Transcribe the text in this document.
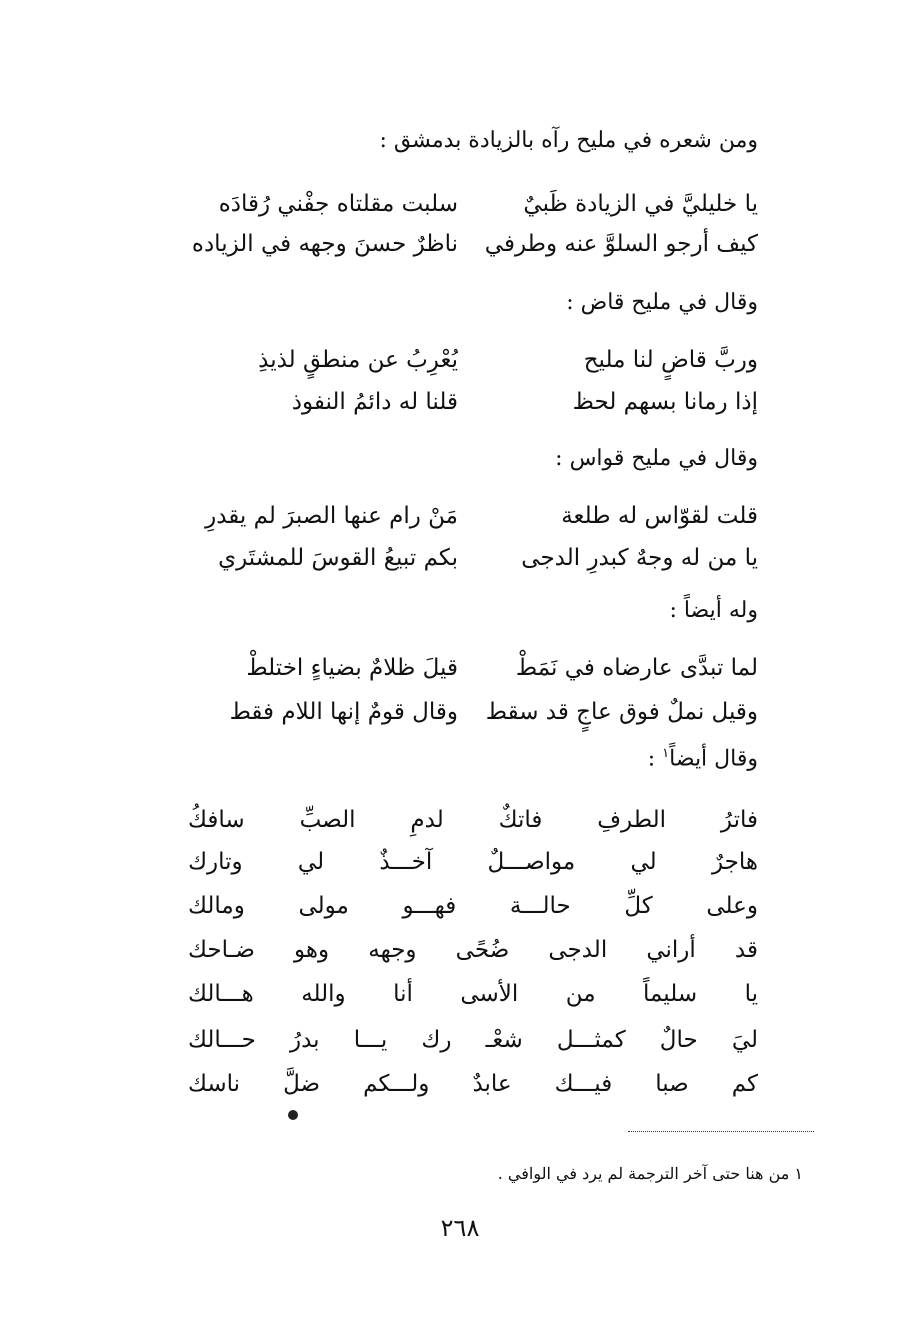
ومن شعره في مليح رآه بالزيادة بدمشق :
يا خليليَّ في الزيادة ظَبيٌ
سلبت مقلتاه جفْني رُقادَه
كيف أرجو السلوَّ عنه وطرفي
ناظرٌ حسنَ وجهه في الزياده
وقال في مليح قاض :
وربَّ قاضٍ لنا مليح
يُعْرِبُ عن منطقٍ لذيذِ
إذا رمانا بسهم لحظ
قلنا له دائمُ النفوذ
وقال في مليح قواس :
قلت لقوّاس له طلعة
مَنْ رام عنها الصبرَ لم يقدرِ
يا من له وجهٌ كبدرِ الدجى
بكم تبيعُ القوسَ للمشتَري
وله أيضاً :
لما تبدَّى عارضاه في نَمَطْ
قيلَ ظلامٌ بضياءٍ اختلطْ
وقيل نملٌ فوق عاجٍ قد سقط
وقال قومٌ إنها اللام فقط
وقال أيضاً$^١$ :
فاترُ
الطرفِ
فاتكٌ
لدمِ
الصبِّ
سافكُ
هاجرٌ
لي
مواصـــلٌ
آخـــذٌ
لي
وتارك
وعلى
كلِّ
حالـــة
فهـــو
مولى
ومالك
قد
أراني
الدجى
ضُحًى
وجهه
وهو
ضـاحك
يا
سليماً
من
الأسى
أنا
والله
هـــالك
ليَ
حالٌ
كمثـــل
شعْـ
رك
يـــا
بدرُ
حـــالك
كم
صبا
فيـــك
عابدٌ
ولـــكم
ضلَّ
ناسك
١ من هنا حتى آخر الترجمة لم يرد في الوافي .
٢٦٨
